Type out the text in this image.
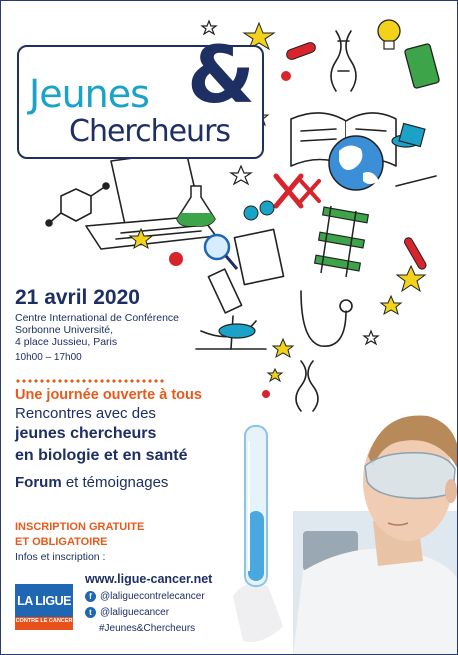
&
Jeunes
Chercheurs
21 avril 2020
Centre International de Conférence
Sorbonne Université,
4 place Jussieu, Paris
10h00 – 17h00
Une journée ouverte à tous
Rencontres avec des
jeunes chercheurs
en biologie et en santé
Forum et témoignages
INSCRIPTION GRATUITE
ET OBLIGATOIRE
Infos et inscription :
LA LIGUE
CONTRE LE CANCER
www.ligue-cancer.net
f @laliguecontrelecancer
t @laliguecancer
#Jeunes&Chercheurs
